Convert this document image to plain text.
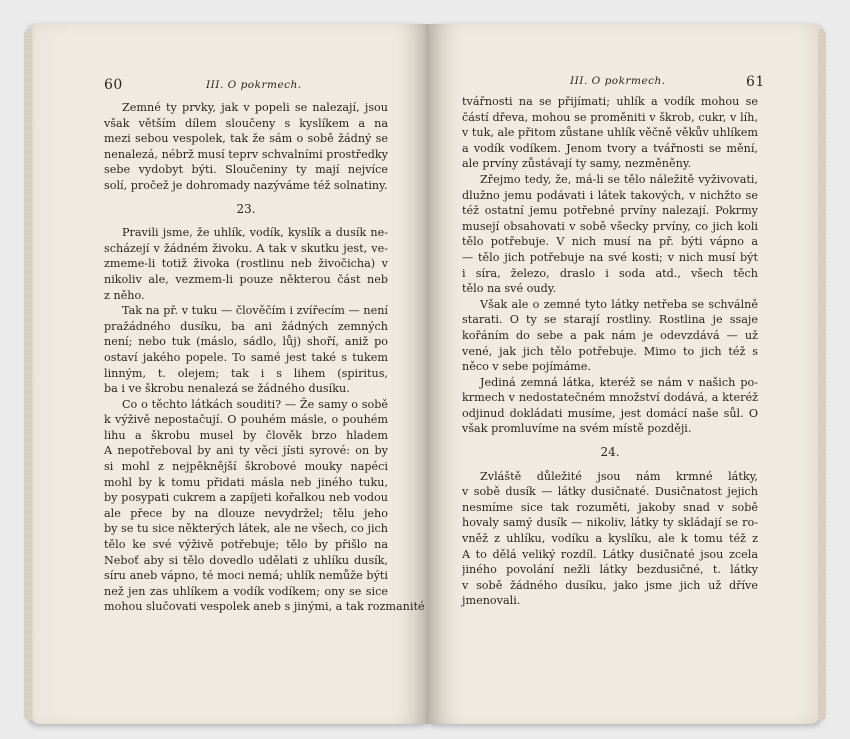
60	III. O pokrmech.
Zemné ty prvky, jak v popeli se nalezají, jsou
však větším dílem sloučeny s kyslíkem a na
mezi sebou vespolek, tak že sám o sobě žádný se
nenalezá, nébrž musí teprv schvalními prostředky
sebe vydobyt býti. Sloučeniny ty mají nejvíce
solí, pročež je dohromady nazýváme též solnatiny.
23.
Pravili jsme, že uhlík, vodík, kyslík a dusík ne-
scházejí v žádném živoku. A tak v skutku jest, ve-
zmeme-li totiž živoka (rostlinu neb živočicha) v
nikoliv ale, vezmem-li pouze některou část neb
z něho.
Tak na př. v tuku — člověčím i zvířecím — není
pražádného dusíku, ba ani žádných zemných
není; nebo tuk (máslo, sádlo, lůj) shoří, aniž po
ostaví jakého popele. To samé jest také s tukem
linným, t. olejem; tak i s lihem (spiritus,
ba i ve škrobu nenalezá se žádného dusíku.
Co o těchto látkách souditi? — Že samy o sobě
k výživě nepostačují. O pouhém másle, o pouhém
lihu a škrobu musel by člověk brzo hladem
A nepotřeboval by ani ty věci jísti syrové: on by
si mohl z nejpěknější škrobové mouky napéci
mohl by k tomu přidati másla neb jiného tuku,
by posypati cukrem a zapíjeti kořalkou neb vodou
ale přece by na dlouze nevydržel; tělu jeho
by se tu sice některých látek, ale ne všech, co jich
tělo ke své výživě potřebuje; tělo by přišlo na
Neboť aby si tělo dovedlo udělati z uhlíku dusík,
síru aneb vápno, té moci nemá; uhlík nemůže býti
než jen zas uhlíkem a vodík vodíkem; ony se sice
mohou slučovati vespolek aneb s jinými, a tak rozmanité
III. O pokrmech.	61
tvářnosti na se přijímati; uhlík a vodík mohou se
částí dřeva, mohou se proměniti v škrob, cukr, v líh,
v tuk, ale přitom zůstane uhlík věčně věkův uhlíkem
a vodík vodíkem. Jenom tvory a tvářnosti se mění,
ale prvíny zůstávají ty samy, nezměněny.
Zřejmo tedy, že, má-li se tělo náležitě vyživovati,
dlužno jemu podávati i látek takových, v nichžto se
též ostatní jemu potřebné prvíny nalezají. Pokrmy
musejí obsahovati v sobě všecky prvíny, co jich koli
tělo potřebuje. V nich musí na př. býti vápno a
— tělo jich potřebuje na své kosti; v nich musí být
i síra, železo, draslo i soda atd., všech těch
tělo na své oudy.
Však ale o zemné tyto látky netřeba se schválně
starati. O ty se starají rostliny. Rostlina je ssaje
kořáním do sebe a pak nám je odevzdává — už
vené, jak jich tělo potřebuje. Mimo to jich též s
něco v sebe pojímáme.
Jediná zemná látka, kteréž se nám v našich po-
krmech v nedostatečném množství dodává, a kteréž
odjinud dokládati musíme, jest domácí naše sůl. O
však promluvíme na svém místě později.
24.
Zvláště důležité jsou nám krmné látky,
v sobě dusík — látky dusičnaté. Dusičnatost jejich
nesmíme sice tak rozuměti, jakoby snad v sobě
hovaly samý dusík — nikoliv, látky ty skládají se ro-
vněž z uhlíku, vodíku a kyslíku, ale k tomu též z
A to dělá veliký rozdíl. Látky dusičnaté jsou zcela
jiného povolání nežli látky bezdusičné, t. látky
v sobě žádného dusíku, jako jsme jich už dříve
jmenovali.
